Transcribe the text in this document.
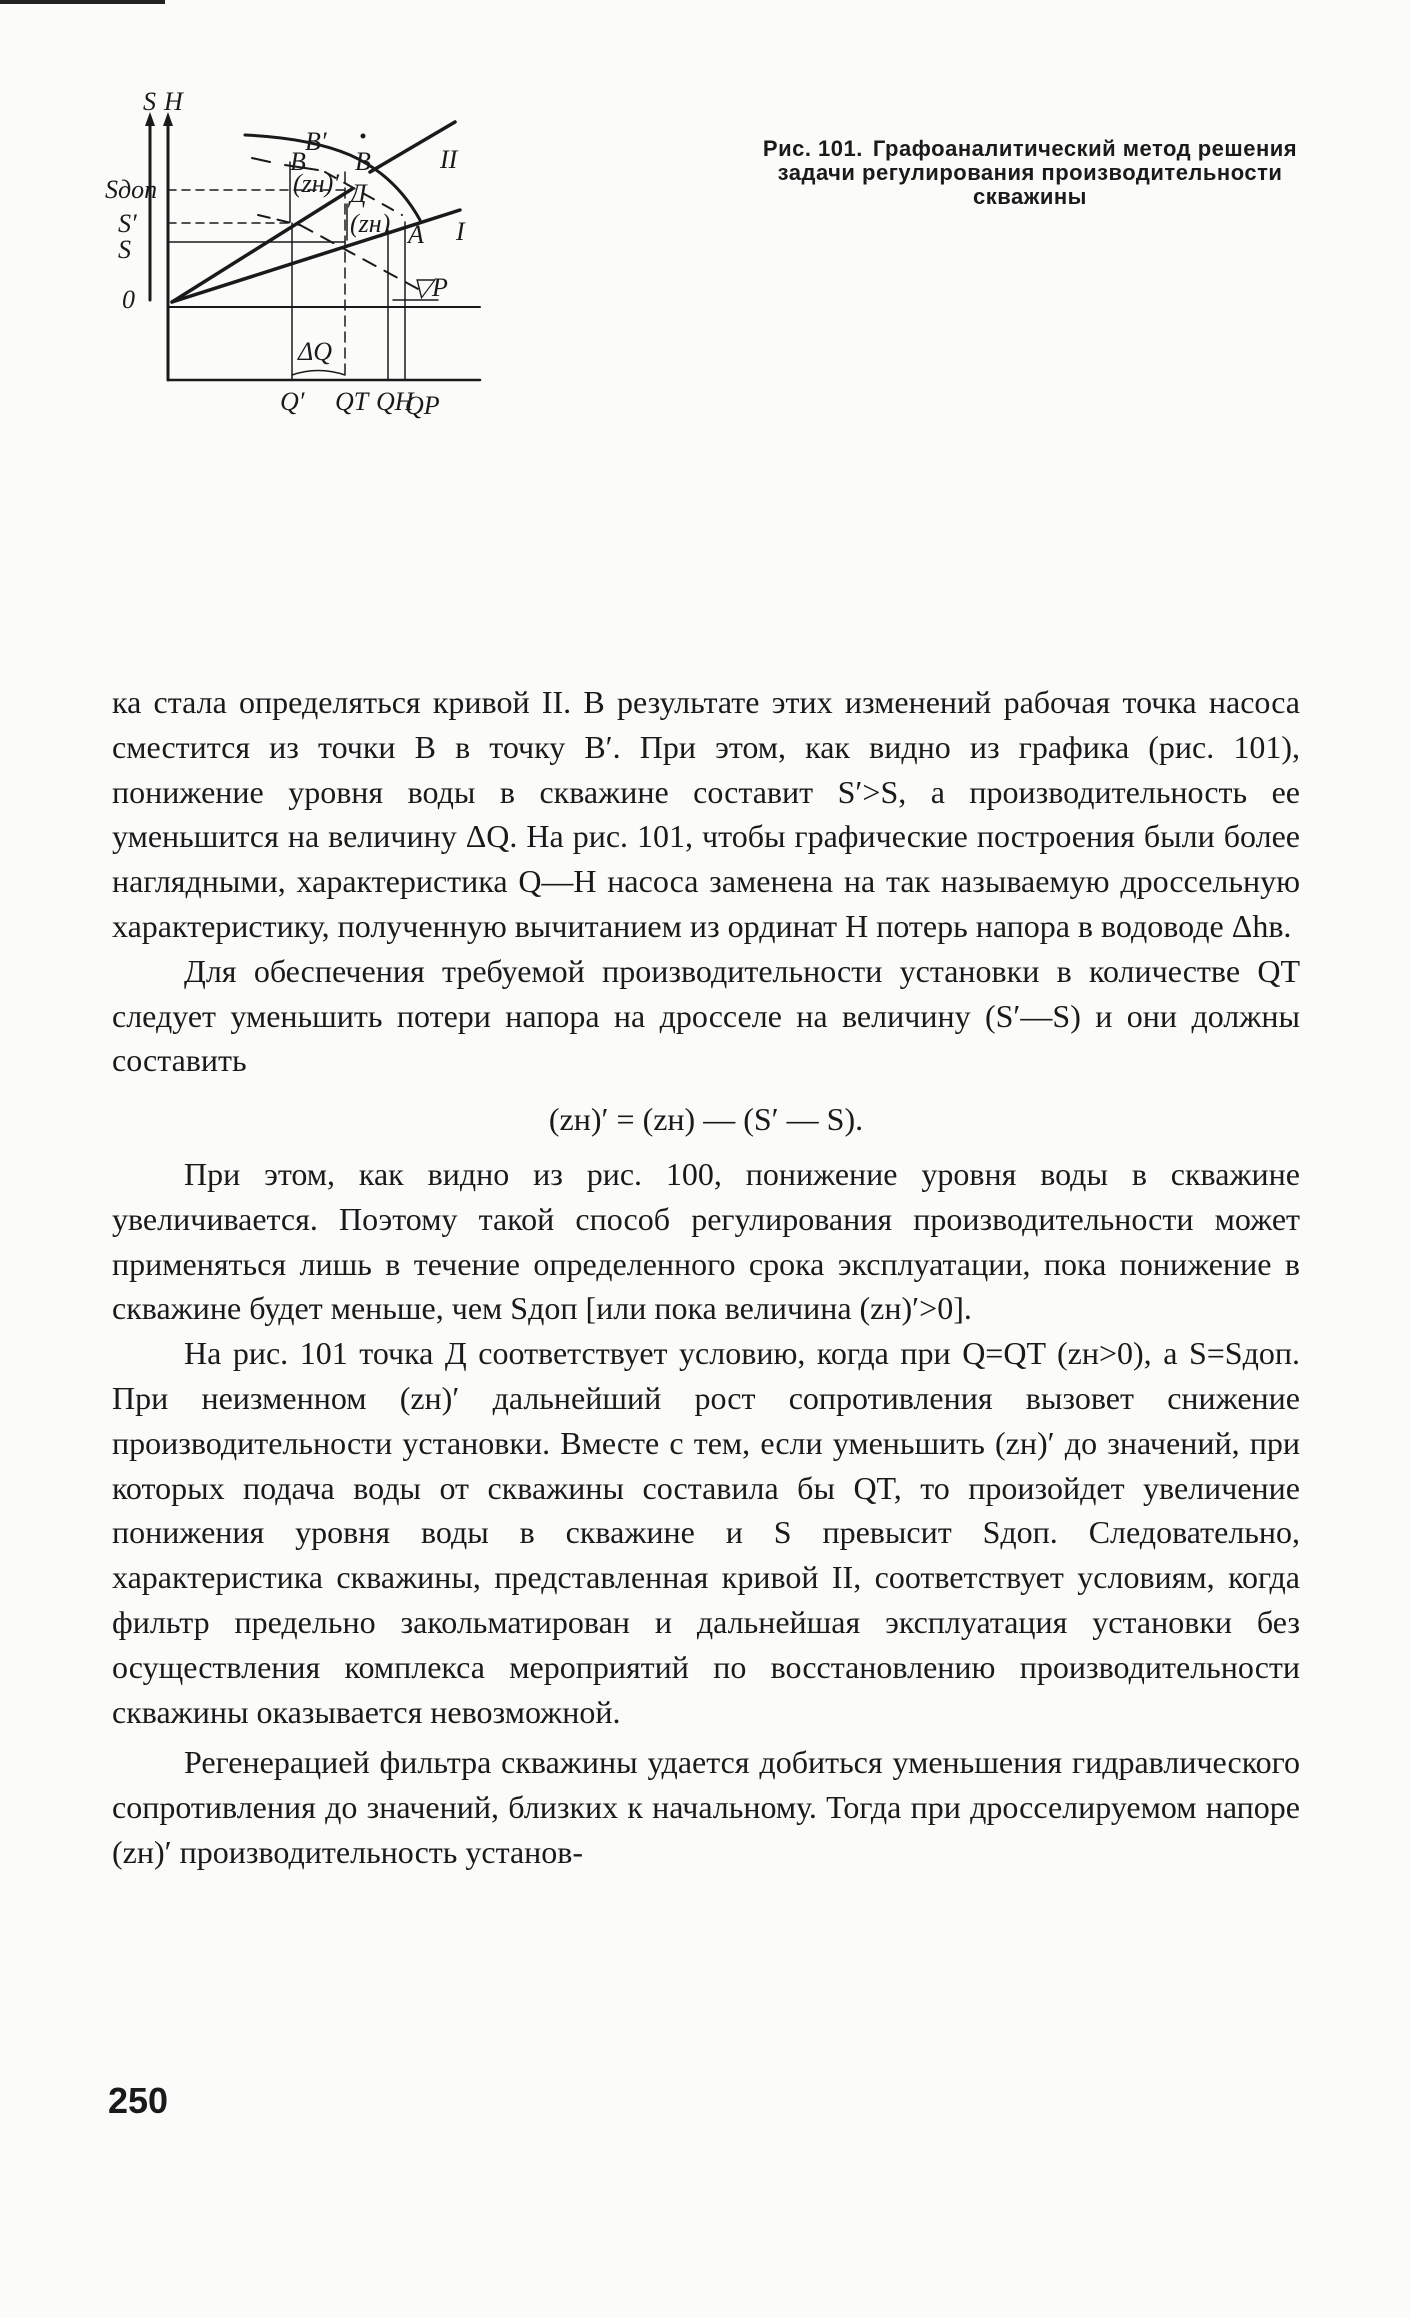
S H
Sдоп
S′
S
0
B′
B B
(zн)′ Д
(zн) A
II
I
▽P
ΔQ
Q′ QT QH
QP
Рис. 101. Графоаналитический метод решения задачи регулирования производительности скважины

ка стала определяться кривой II. В результате этих изменений рабочая точка насоса сместится из точки B в точку B′. При этом, как видно из графика (рис. 101), понижение уровня воды в скважине составит S′>S, а производительность ее уменьшится на величину ΔQ. На рис. 101, чтобы графические построения были более наглядными, характеристика Q—H насоса заменена на так называемую дроссельную характеристику, полученную вычитанием из ординат H потерь напора в водоводе Δhв.

Для обеспечения требуемой производительности установки в количестве QT следует уменьшить потери напора на дросселе на величину (S′—S) и они должны составить

(zн)′ = (zн) — (S′ — S).

При этом, как видно из рис. 100, понижение уровня воды в скважине увеличивается. Поэтому такой способ регулирования производительности может применяться лишь в течение определенного срока эксплуатации, пока понижение в скважине будет меньше, чем Sдоп [или пока величина (zн)′>0].

На рис. 101 точка Д соответствует условию, когда при Q=QT (zн>0), а S=Sдоп. При неизменном (zн)′ дальнейший рост сопротивления вызовет снижение производительности установки. Вместе с тем, если уменьшить (zн)′ до значений, при которых подача воды от скважины составила бы QT, то произойдет увеличение понижения уровня воды в скважине и S превысит Sдоп. Следовательно, характеристика скважины, представленная кривой II, соответствует условиям, когда фильтр предельно закольматирован и дальнейшая эксплуатация установки без осуществления комплекса мероприятий по восстановлению производительности скважины оказывается невозможной.

Регенерацией фильтра скважины удается добиться уменьшения гидравлического сопротивления до значений, близких к начальному. Тогда при дросселируемом напоре (zн)′ производительность установ-

250
